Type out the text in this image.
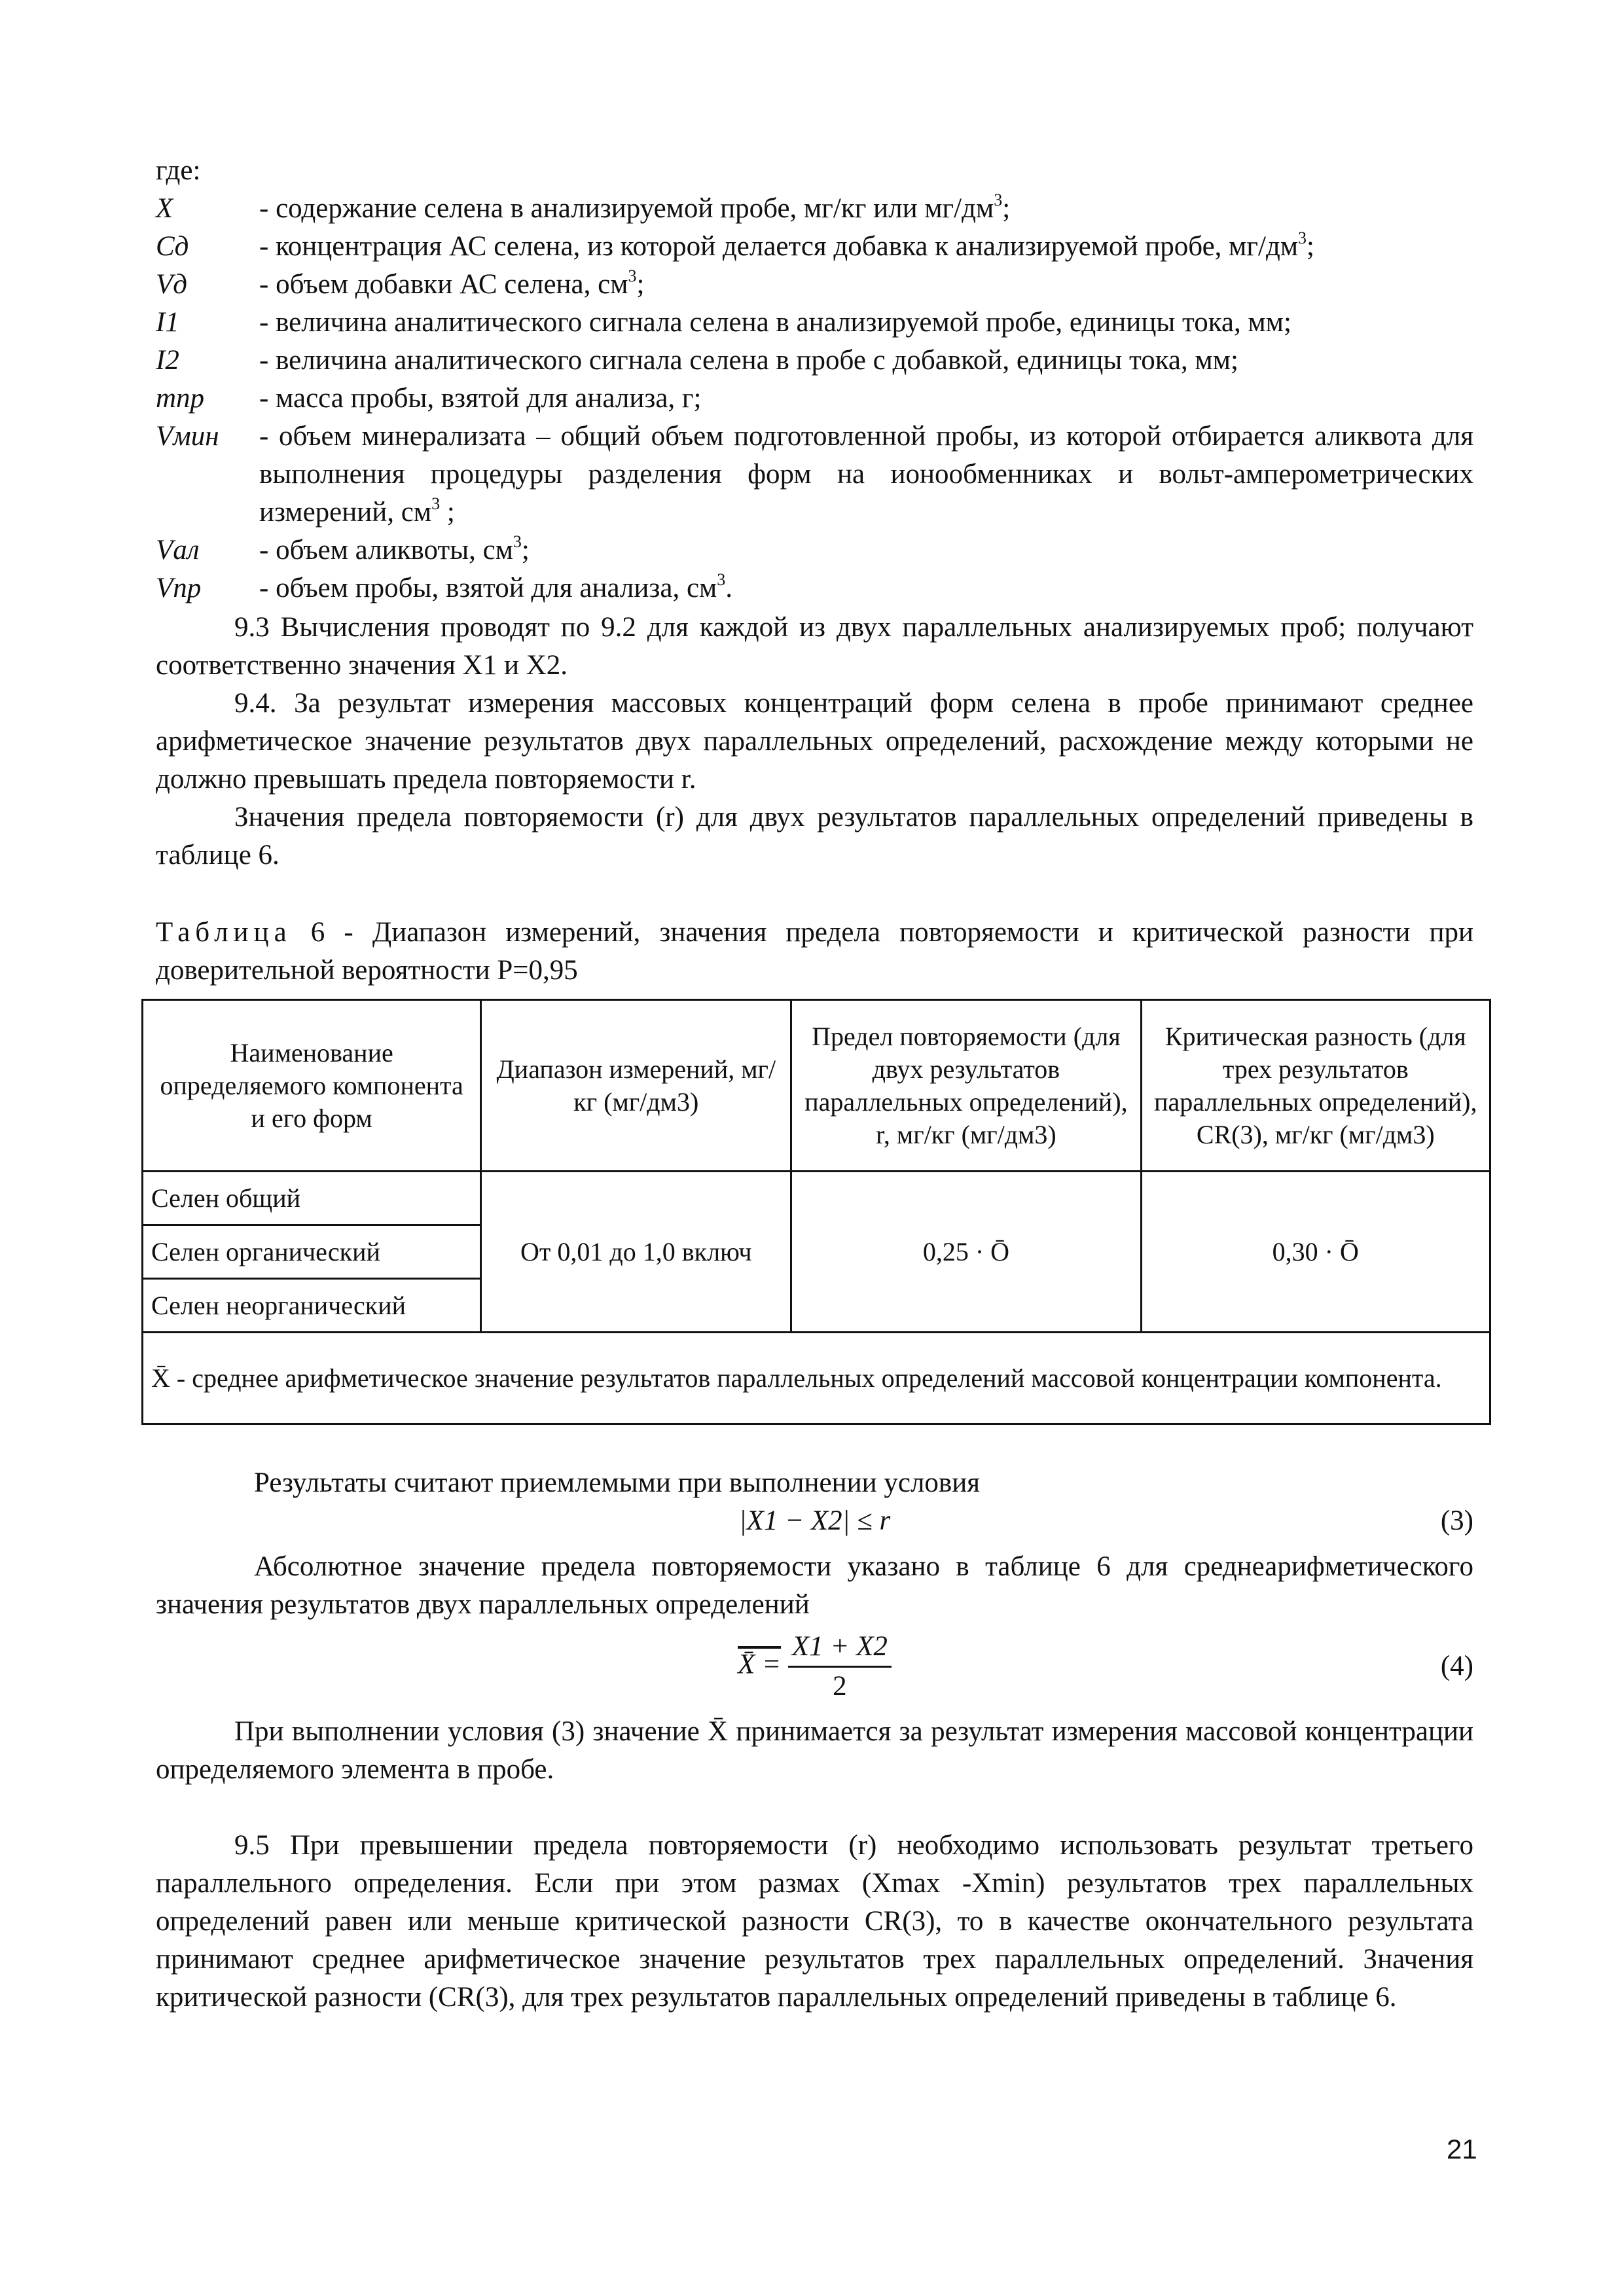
где:
X	- содержание селена в анализируемой пробе, мг/кг или $мг/дм^3$;
Cд	- концентрация АС селена, из которой делается добавка к анализируемой пробе, $мг/дм^3$;
Vд	- объем добавки АС селена, $см^3$;
I1	- величина аналитического сигнала селена в анализируемой пробе, единицы тока, мм;
I2	- величина аналитического сигнала селена в пробе с добавкой, единицы тока, мм;
mпр	- масса пробы, взятой для анализа, г;
Vмин	- объем минерализата – общий объем подготовленной пробы, из которой отбирается аликвота для выполнения процедуры разделения форм на ионообменниках и вольт-амперометрических измерений, $см^3$ ;
Vал	- объем аликвоты, $см^3$;
Vпр	- объем пробы, взятой для анализа, $см^3$.
9.3 Вычисления проводят по 9.2 для каждой из двух параллельных анализируемых проб; получают соответственно значения X1 и X2.
9.4. За результат измерения массовых концентраций форм селена в пробе принимают среднее арифметическое значение результатов двух параллельных определений, расхождение между которыми не должно превышать предела повторяемости r.
Значения предела повторяемости (r) для двух результатов параллельных определений приведены в таблице 6.
Таблица 6 - Диапазон измерений, значения предела повторяемости и критической разности при доверительной вероятности P=0,95
Наименование определяемого компонента и его форм	Диапазон измерений, мг/кг (мг/дм3)	Предел повторяемости (для двух результатов параллельных определений), r, мг/кг (мг/дм3)	Критическая разность (для трех результатов параллельных определений), CR(3), мг/кг (мг/дм3)
Селен общий	От 0,01 до 1,0 включ	0,25 · Ō	0,30 · Ō
Селен органический			
Селен неорганический			
X̄ - среднее арифметическое значение результатов параллельных определений массовой концентрации компонента.			
Результаты считают приемлемыми при выполнении условия
|X1 − X2| ≤ r	(3)
Абсолютное значение предела повторяемости указано в таблице 6 для среднеарифметического значения результатов двух параллельных определений
X̄ = $\frac{X1 + X2}{2}$	(4)
При выполнении условия (3) значение X̄ принимается за результат измерения массовой концентрации определяемого элемента в пробе.
9.5 При превышении предела повторяемости (r) необходимо использовать результат третьего параллельного определения. Если при этом размах (Xmax -Xmin) результатов трех параллельных определений равен или меньше критической разности CR(3), то в качестве окончательного результата принимают среднее арифметическое значение результатов трех параллельных определений. Значения критической разности (CR(3), для трех результатов параллельных определений приведены в таблице 6.
21
